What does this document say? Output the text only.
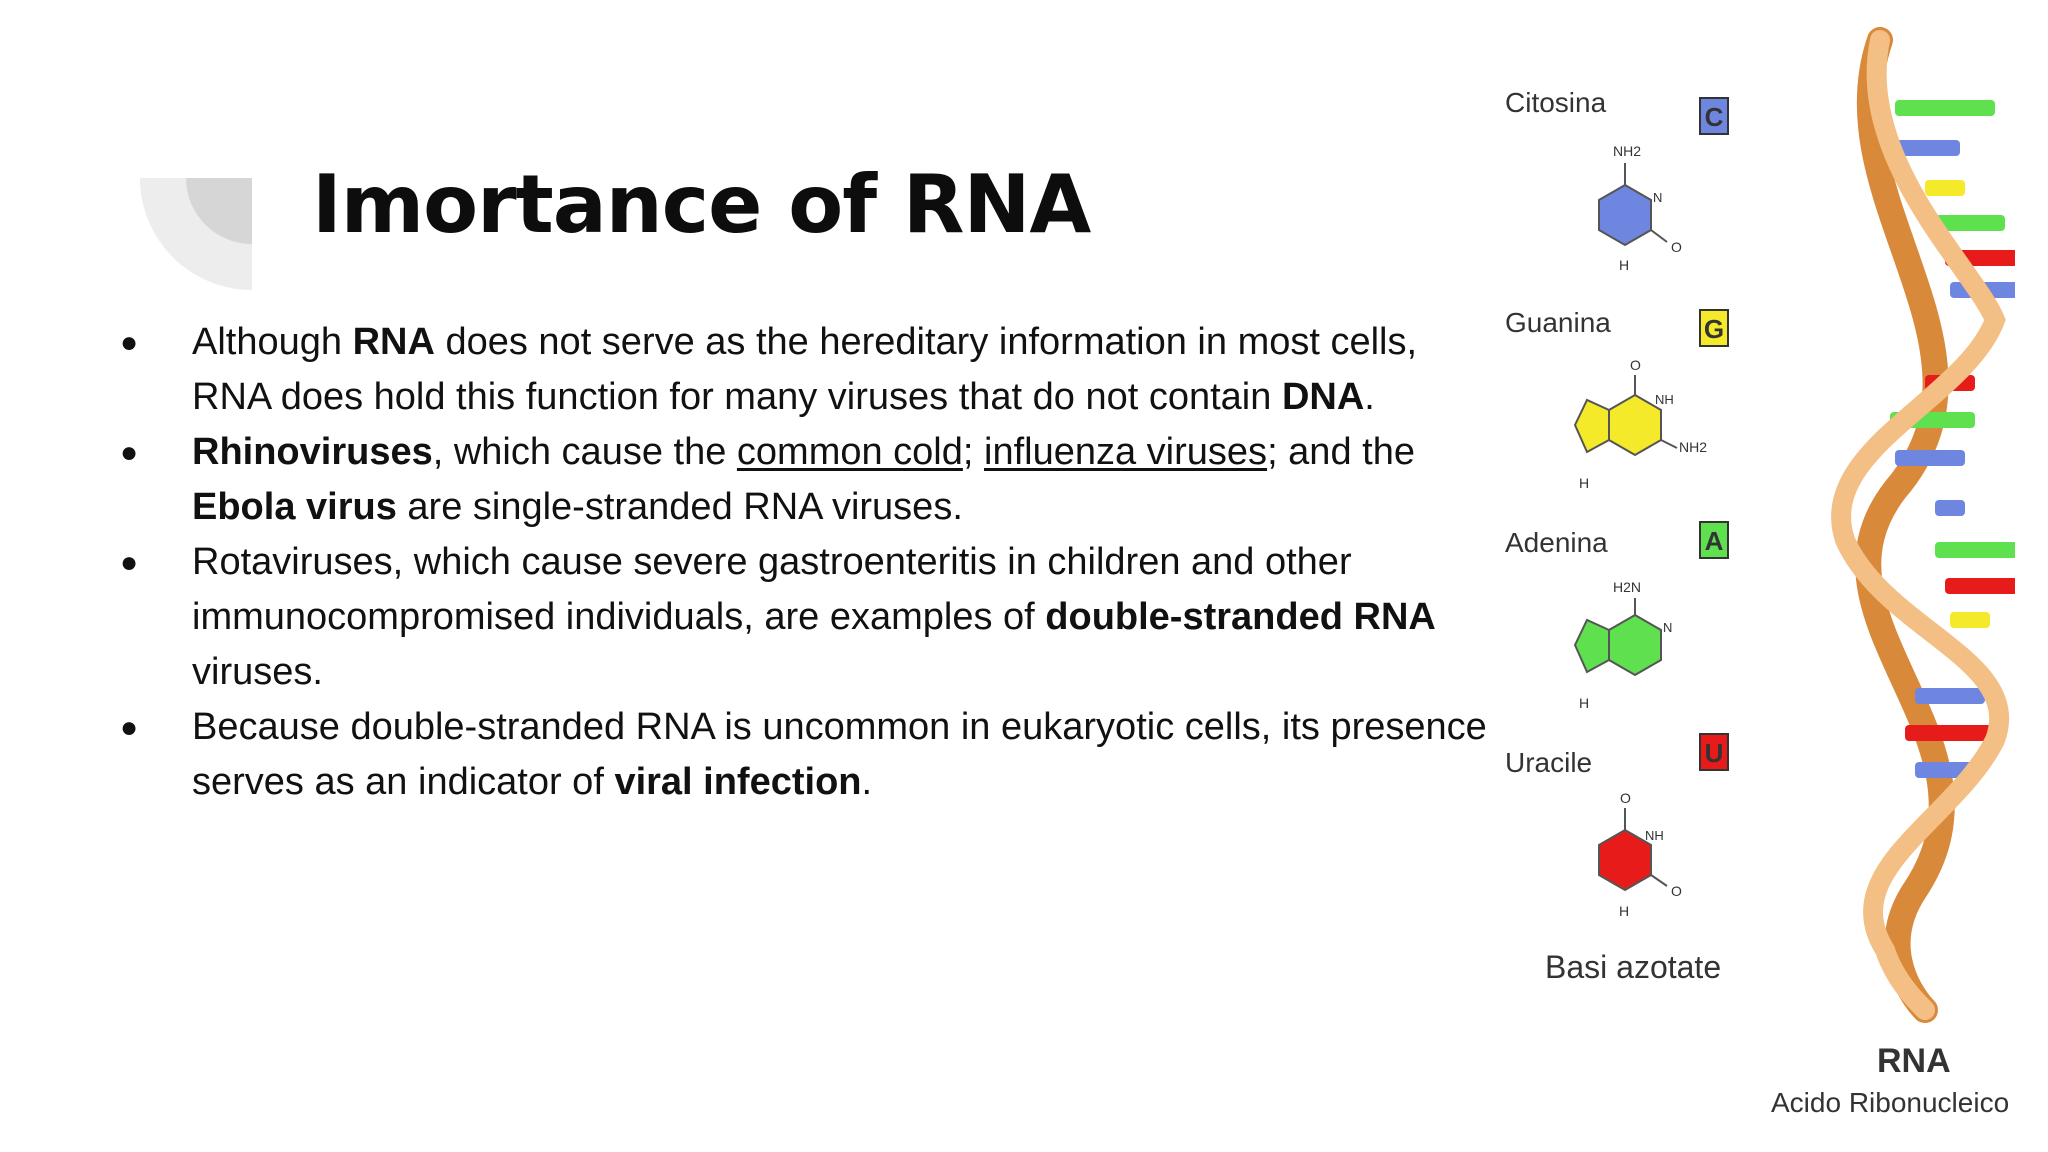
Imortance of RNA
● Although RNA does not serve as the hereditary information in most cells, RNA does hold this function for many viruses that do not contain DNA.
● Rhinoviruses, which cause the common cold; influenza viruses; and the Ebola virus are single-stranded RNA viruses.
● Rotaviruses, which cause severe gastroenteritis in children and other immunocompromised individuals, are examples of double-stranded RNA viruses.
● Because double-stranded RNA is uncommon in eukaryotic cells, its presence serves as an indicator of viral infection.
Citosina
Guanina
Adenina
Uracile
C
G
A
U
NH2
N
O
H
O
NH
NH2
H
H2N
N
H
O
NH
O
H
Basi azotate
RNA
Acido Ribonucleico
